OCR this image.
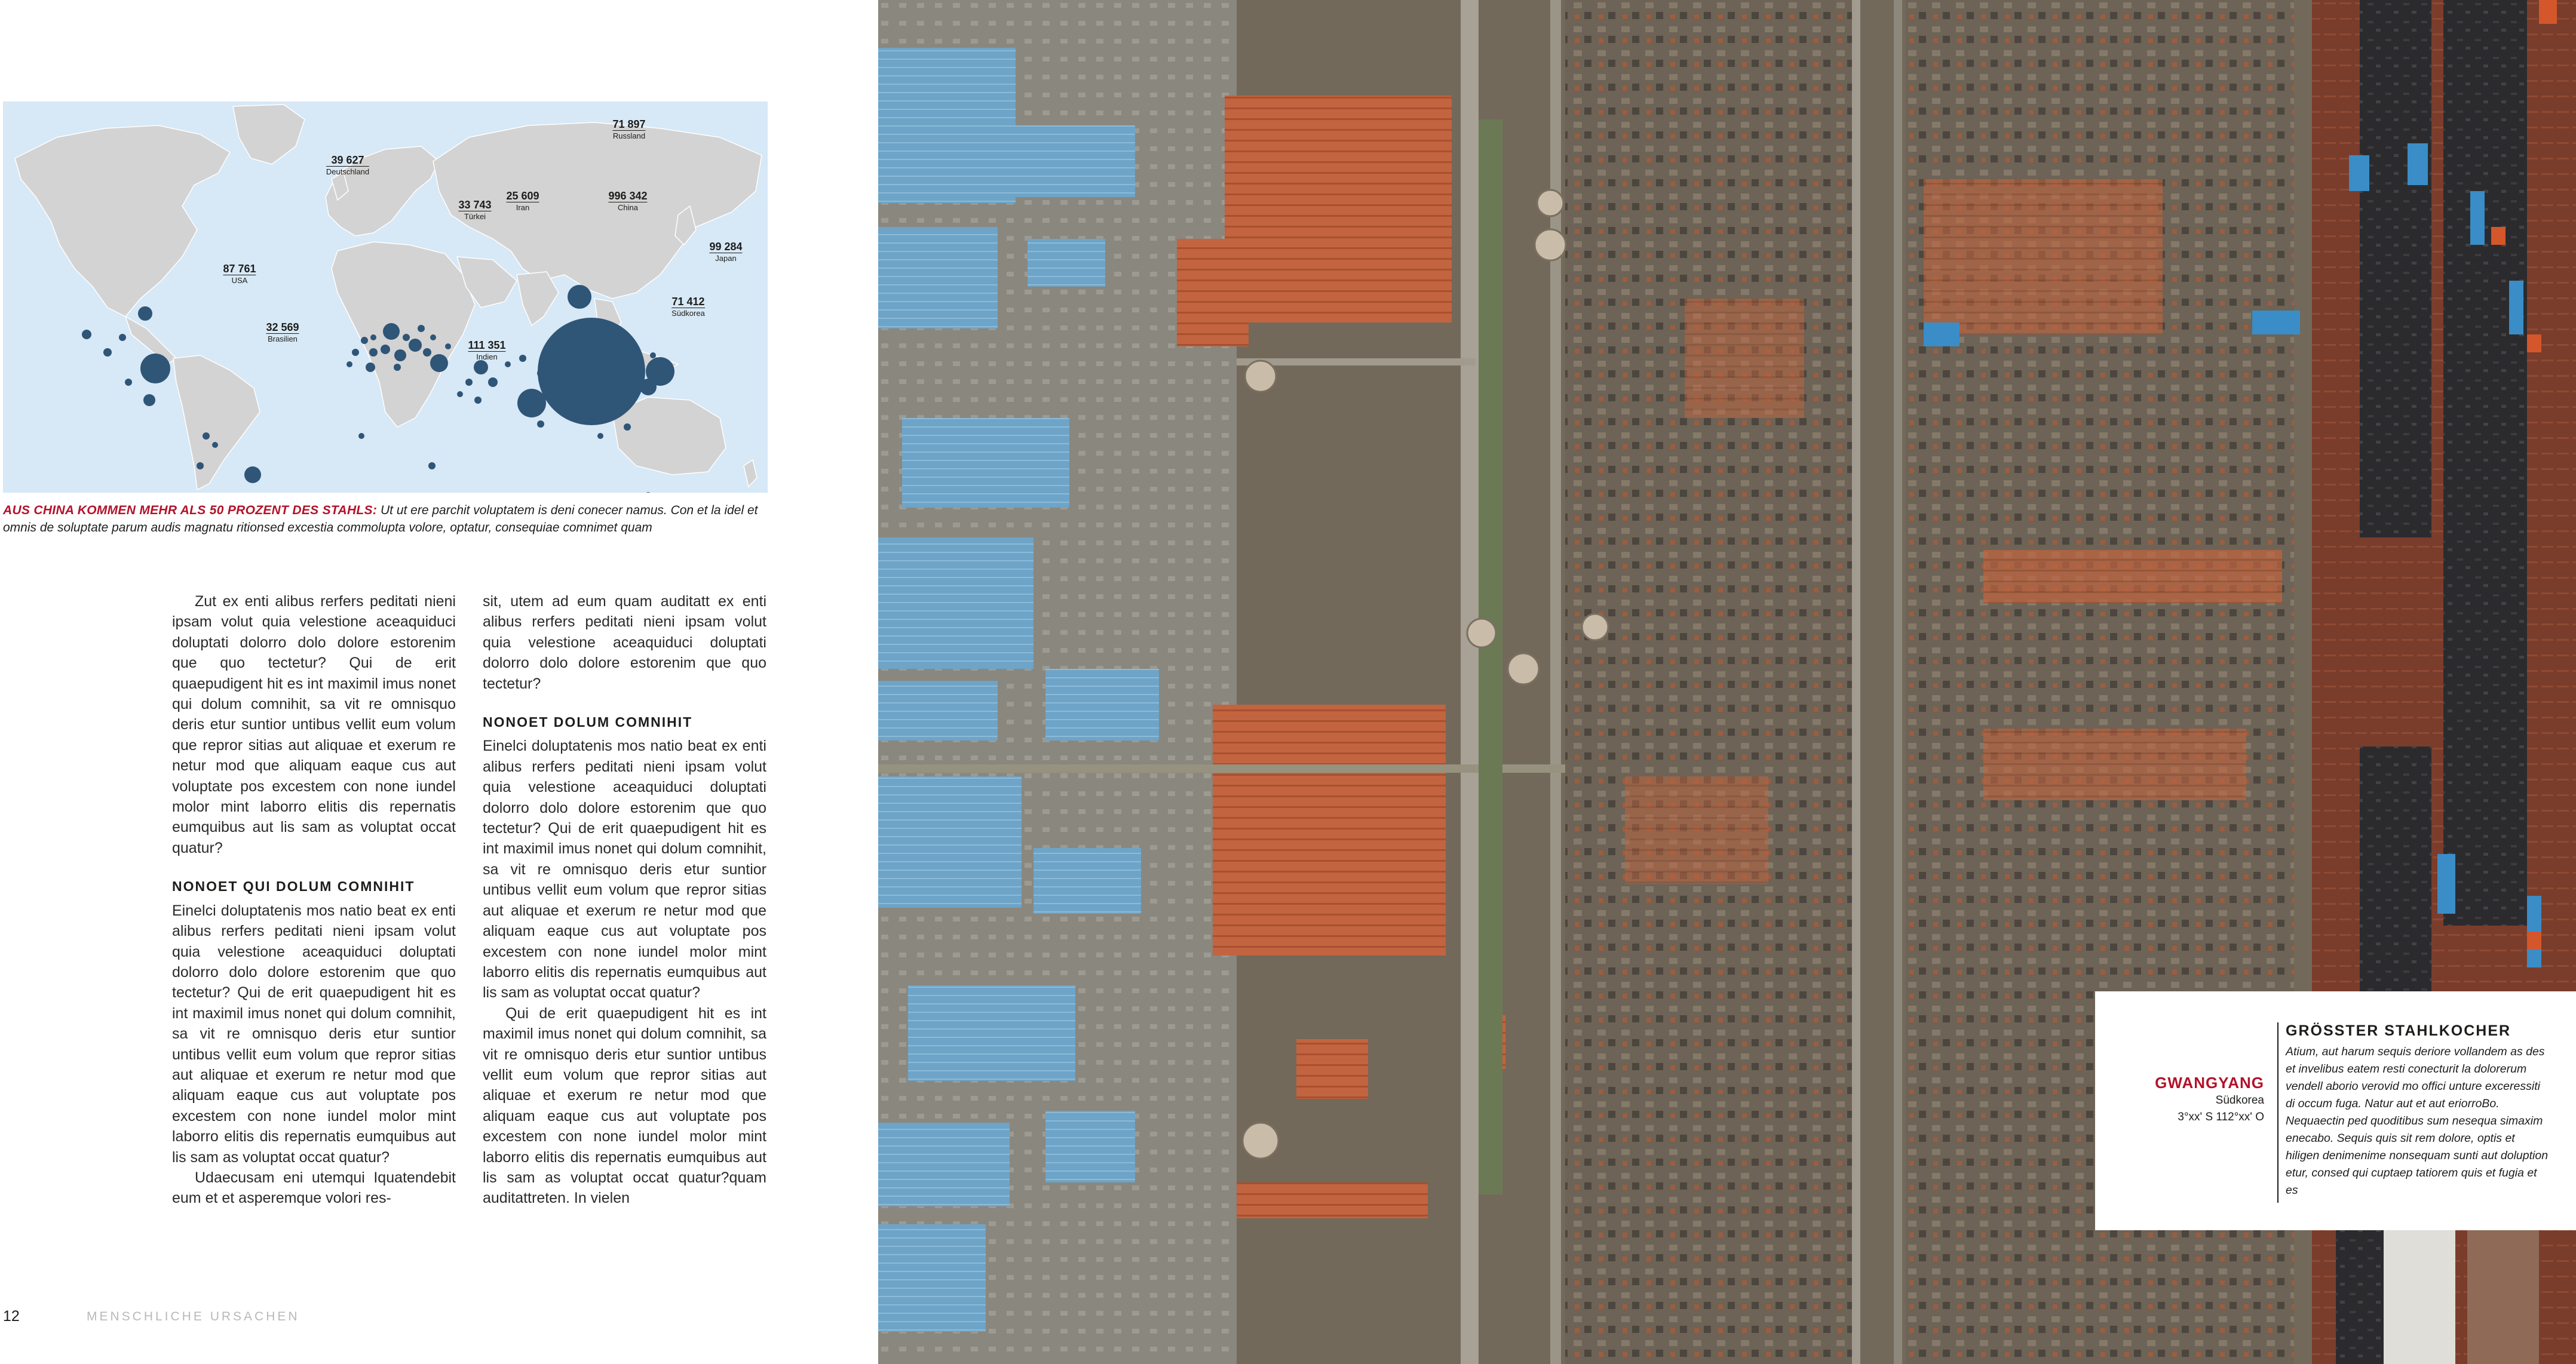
71 897
Russland
39 627
Deutschland
25 609
Iran
33 743
Türkei
996 342
China
99 284
Japan
87 761
USA
71 412
Südkorea
32 569
Brasilien
111 351
Indien
AUS CHINA KOMMEN MEHR ALS 50 PROZENT DES STAHLS: Ut ut ere parchit voluptatem is deni conecer namus. Con et la idel et omnis de soluptate parum audis magnatu ritionsed excestia commolupta volore, optatur, consequiae comnimet quam

Zut ex enti alibus rerfers peditati nieni ipsam volut quia velestione aceaquiduci doluptati dolorro dolo dolore estorenim que quo tectetur? Qui de erit quaepudigent hit es int maximil imus nonet qui dolum comnihit, sa vit re omnisquo deris etur suntior untibus vellit eum volum que repror sitias aut aliquae et exerum re netur mod que aliquam eaque cus aut voluptate pos excestem con none iundel molor mint laborro elitis dis repernatis eumquibus aut lis sam as voluptat occat quatur?

NONOET QUI DOLUM COMNIHIT

Einelci doluptatenis mos natio beat ex enti alibus rerfers peditati nieni ipsam volut quia velestione aceaquiduci doluptati dolorro dolo dolore estorenim que quo tectetur? Qui de erit quaepudigent hit es int maximil imus nonet qui dolum comnihit, sa vit re omnisquo deris etur suntior untibus vellit eum volum que repror sitias aut aliquae et exerum re netur mod que aliquam eaque cus aut voluptate pos excestem con none iundel molor mint laborro elitis dis repernatis eumquibus aut lis sam as voluptat occat quatur?

Udaecusam eni utemqui Iquatendebit eum et et asperemque volori res-

sit, utem ad eum quam auditatt ex enti alibus rerfers peditati nieni ipsam volut quia velestione aceaquiduci doluptati dolorro dolo dolore estorenim que quo tectetur?

NONOET DOLUM COMNIHIT

Einelci doluptatenis mos natio beat ex enti alibus rerfers peditati nieni ipsam volut quia velestione aceaquiduci doluptati dolorro dolo dolore estorenim que quo tectetur? Qui de erit quaepudigent hit es int maximil imus nonet qui dolum comnihit, sa vit re omnisquo deris etur suntior untibus vellit eum volum que repror sitias aut aliquae et exerum re netur mod que aliquam eaque cus aut voluptate pos excestem con none iundel molor mint laborro elitis dis repernatis eumquibus aut lis sam as voluptat occat quatur?

Qui de erit quaepudigent hit es int maximil imus nonet qui dolum comnihit, sa vit re omnisquo deris etur suntior untibus vellit eum volum que repror sitias aut aliquae et exerum re netur mod que aliquam eaque cus aut voluptate pos excestem con none iundel molor mint laborro elitis dis repernatis eumquibus aut lis sam as voluptat occat quatur?quam auditattreten. In vielen

12	MENSCHLICHE URSACHEN
GWANGYANG
Südkorea
3°xx' S 112°xx' O
GRÖSSTER STAHLKOCHER
Atium, aut harum sequis deriore vollandem as des et invelibus eatem resti conecturit la dolorerum vendell aborio verovid mo offici unture exceressiti di occum fuga. Natur aut et aut eriorroBo. Nequaectin ped quoditibus sum nesequa simaxim enecabo. Sequis quis sit rem dolore, optis et hiligen denimenime nonsequam sunti aut doluption etur, consed qui cuptaep tatiorem quis et fugia et es
